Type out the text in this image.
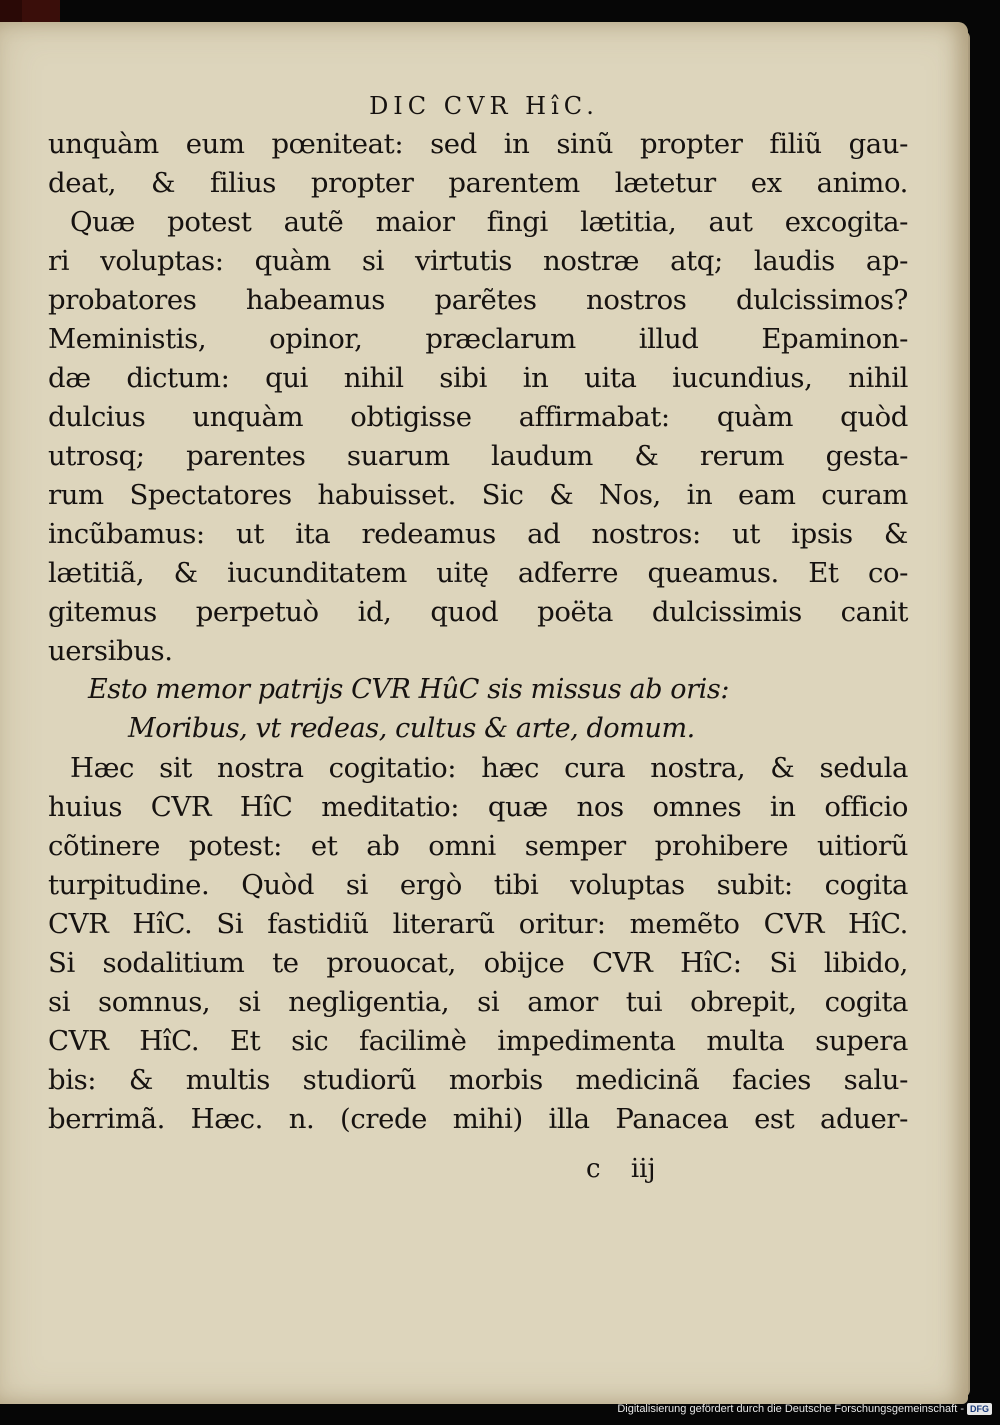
DIC CVR HîC.
unquàm eum pœniteat: sed in sinũ propter filiũ gau-
deat, & filius propter parentem lætetur ex animo.
Quæ potest autẽ maior fingi lætitia, aut excogita-
ri voluptas: quàm si virtutis nostræ atq; laudis ap-
probatores habeamus parẽtes nostros dulcissimos?
Meministis, opinor, præclarum illud Epaminon-
dæ dictum: qui nihil sibi in uita iucundius, nihil
dulcius unquàm obtigisse affirmabat: quàm quòd
utrosq; parentes suarum laudum & rerum gesta-
rum Spectatores habuisset. Sic & Nos, in eam curam
incũbamus: ut ita redeamus ad nostros: ut ipsis &
lætitiã, & iucunditatem uitę adferre queamus. Et co-
gitemus perpetuò id, quod poëta dulcissimis canit
uersibus.
Esto memor patrijs CVR HûC sis missus ab oris:
Moribus, vt redeas, cultus & arte, domum.
Hæc sit nostra cogitatio: hæc cura nostra, & sedula
huius CVR HîC meditatio: quæ nos omnes in officio
cõtinere potest: et ab omni semper prohibere uitiorũ
turpitudine. Quòd si ergò tibi voluptas subit: cogita
CVR HîC. Si fastidiũ literarũ oritur: memẽto CVR HîC.
Si sodalitium te prouocat, obijce CVR HîC: Si libido,
si somnus, si negligentia, si amor tui obrepit, cogita
CVR HîC. Et sic facilimè impedimenta multa supera
bis: & multis studiorũ morbis medicinã facies salu-
berrimã. Hæc. n. (crede mihi) illa Panacea est aduer-
c iij
Digitalisierung gefördert durch die Deutsche Forschungsgemeinschaft - DFG
